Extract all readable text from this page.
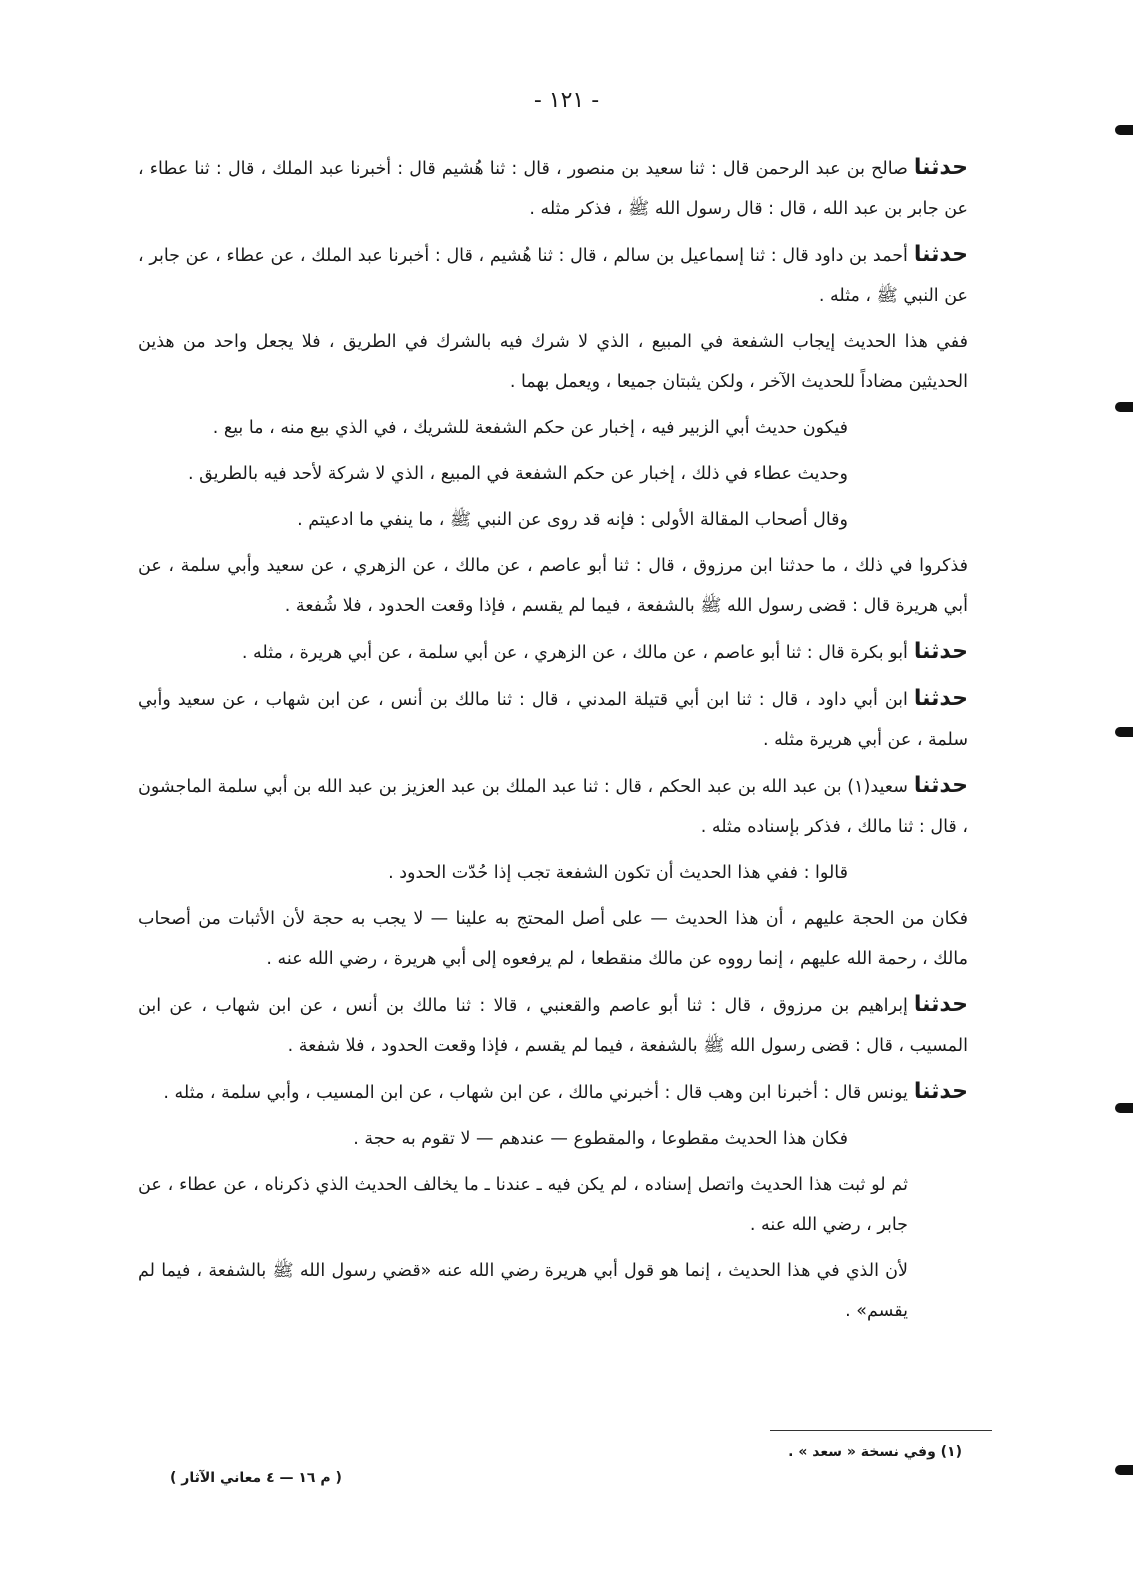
- ١٢١ -

حدثناصالح بن عبد الرحمن قال : ثنا سعيد بن منصور ، قال : ثنا هُشيم قال : أخبرنا عبد الملك ، قال : ثنا عطاء ، عن جابر بن عبد الله ، قال : قال رسول الله ﷺ ، فذكر مثله .

حدثناأحمد بن داود قال : ثنا إسماعيل بن سالم ، قال : ثنا هُشيم ، قال : أخبرنا عبد الملك ، عن عطاء ، عن جابر ، عن النبي ﷺ ، مثله .

ففي هذا الحديث إيجاب الشفعة في المبيع ، الذي لا شرك فيه بالشرك في الطريق ، فلا يجعل واحد من هذين الحديثين مضاداً للحديث الآخر ، ولكن يثبتان جميعا ، ويعمل بهما .

فيكون حديث أبي الزبير فيه ، إخبار عن حكم الشفعة للشريك ، في الذي بيع منه ، ما بيع .

وحديث عطاء في ذلك ، إخبار عن حكم الشفعة في المبيع ، الذي لا شركة لأحد فيه بالطريق .

وقال أصحاب المقالة الأولى : فإنه قد روى عن النبي ﷺ ، ما ينفي ما ادعيتم .

فذكروا في ذلك ، ما حدثنا ابن مرزوق ، قال : ثنا أبو عاصم ، عن مالك ، عن الزهري ، عن سعيد وأبي سلمة ، عن أبي هريرة قال : قضى رسول الله ﷺ بالشفعة ، فيما لم يقسم ، فإذا وقعت الحدود ، فلا شُفعة .

حدثناأبو بكرة قال : ثنا أبو عاصم ، عن مالك ، عن الزهري ، عن أبي سلمة ، عن أبي هريرة ، مثله .

حدثناابن أبي داود ، قال : ثنا ابن أبي قتيلة المدني ، قال : ثنا مالك بن أنس ، عن ابن شهاب ، عن سعيد وأبي سلمة ، عن أبي هريرة مثله .

حدثناسعيد(١) بن عبد الله بن عبد الحكم ، قال : ثنا عبد الملك بن عبد العزيز بن عبد الله بن أبي سلمة الماجشون ، قال : ثنا مالك ، فذكر بإسناده مثله .

قالوا : ففي هذا الحديث أن تكون الشفعة تجب إذا حُدّت الحدود .

فكان من الحجة عليهم ، أن هذا الحديث — على أصل المحتج به علينا — لا يجب به حجة لأن الأثبات من أصحاب مالك ، رحمة الله عليهم ، إنما رووه عن مالك منقطعا ، لم يرفعوه إلى أبي هريرة ، رضي الله عنه .

حدثناإبراهيم بن مرزوق ، قال : ثنا أبو عاصم والقعنبي ، قالا : ثنا مالك بن أنس ، عن ابن شهاب ، عن ابن المسيب ، قال : قضى رسول الله ﷺ بالشفعة ، فيما لم يقسم ، فإذا وقعت الحدود ، فلا شفعة .

حدثنايونس قال : أخبرنا ابن وهب قال : أخبرني مالك ، عن ابن شهاب ، عن ابن المسيب ، وأبي سلمة ، مثله .

فكان هذا الحديث مقطوعا ، والمقطوع — عندهم — لا تقوم به حجة .

ثم لو ثبت هذا الحديث واتصل إسناده ، لم يكن فيه ـ عندنا ـ ما يخالف الحديث الذي ذكرناه ، عن عطاء ، عن جابر ، رضي الله عنه .

لأن الذي في هذا الحديث ، إنما هو قول أبي هريرة رضي الله عنه «قضي رسول الله ﷺ بالشفعة ، فيما لم يقسم» .

(١) وفي نسخة « سعد » .
( م ١٦ — ٤ معاني الآثار )
